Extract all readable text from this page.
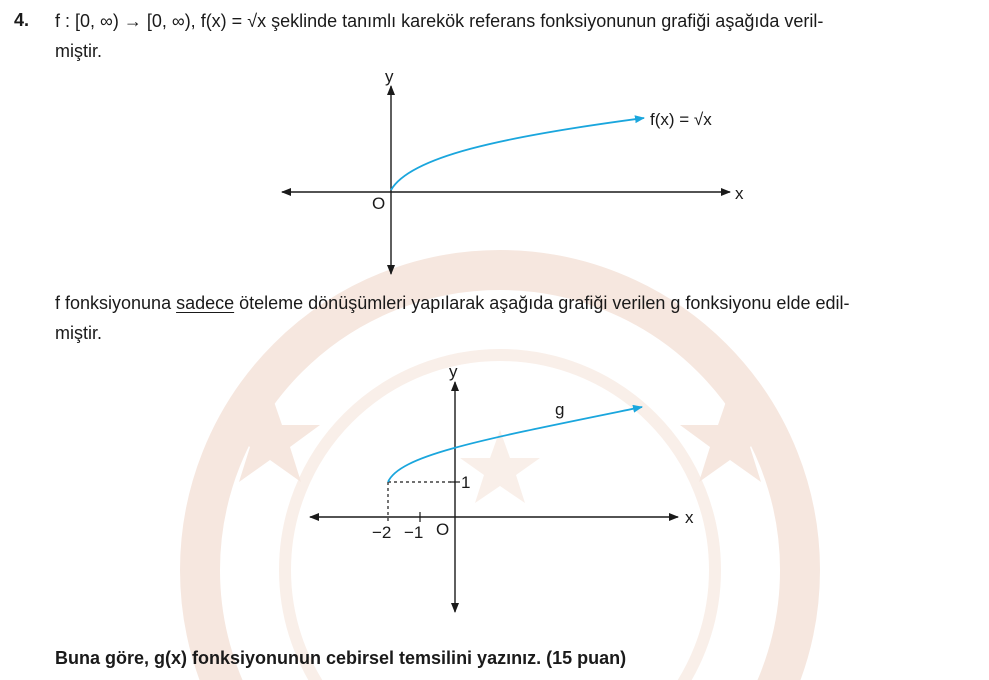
4. f : [0, ∞) → [0, ∞), f(x) = √x şeklinde tanımlı karekök referans fonksiyonunun grafiği aşağıda veril-
miştir.
y
x
O
f(x) = √x
f fonksiyonuna sadece öteleme dönüşümleri yapılarak aşağıda grafiği verilen g fonksiyonu elde edil-
miştir.
y
x
O
g
−2 −1
1
Buna göre, g(x) fonksiyonunun cebirsel temsilini yazınız. (15 puan)
